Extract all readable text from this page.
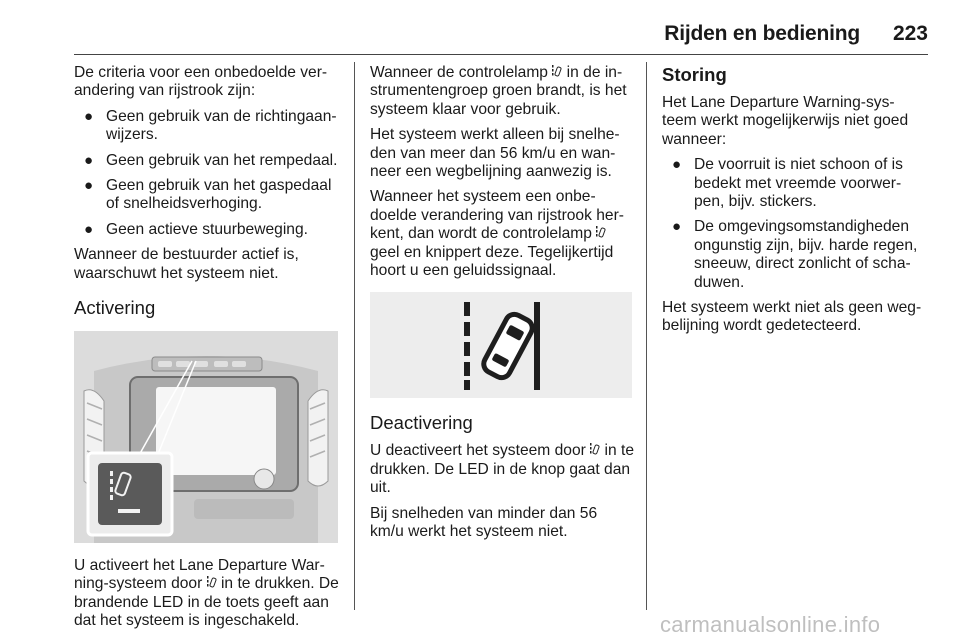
Rijden en bediening	223

De criteria voor een onbedoelde ver- andering van rijstrook zijn:

● Geen gebruik van de richtingaan- wijzers.
● Geen gebruik van het rempedaal.
● Geen gebruik van het gaspedaal of snelheidsverhoging.
● Geen actieve stuurbeweging.

Wanneer de bestuurder actief is, waarschuwt het systeem niet.

Activering

U activeert het Lane Departure War- ning-systeem door in te drukken. De brandende LED in de toets geeft aan dat het systeem is ingeschakeld.

Wanneer de controlelamp in de in- strumentengroep groen brandt, is het systeem klaar voor gebruik.

Het systeem werkt alleen bij snelhe- den van meer dan 56 km/u en wan- neer een wegbelijning aanwezig is.

Wanneer het systeem een onbe- doelde verandering van rijstrook her- kent, dan wordt de controlelamp  geel en knippert deze. Tegelijkertijd hoort u een geluidssignaal.

Deactivering

U deactiveert het systeem door in te drukken. De LED in de knop gaat dan uit.

Bij snelheden van minder dan 56 km/u werkt het systeem niet.

Storing

Het Lane Departure Warning-sys- teem werkt mogelijkerwijs niet goed wanneer:

● De voorruit is niet schoon of is bedekt met vreemde voorwer- pen, bijv. stickers.
● De omgevingsomstandigheden ongunstig zijn, bijv. harde regen, sneeuw, direct zonlicht of scha- duwen.

Het systeem werkt niet als geen weg- belijning wordt gedetecteerd.

carmanualsonline.info
